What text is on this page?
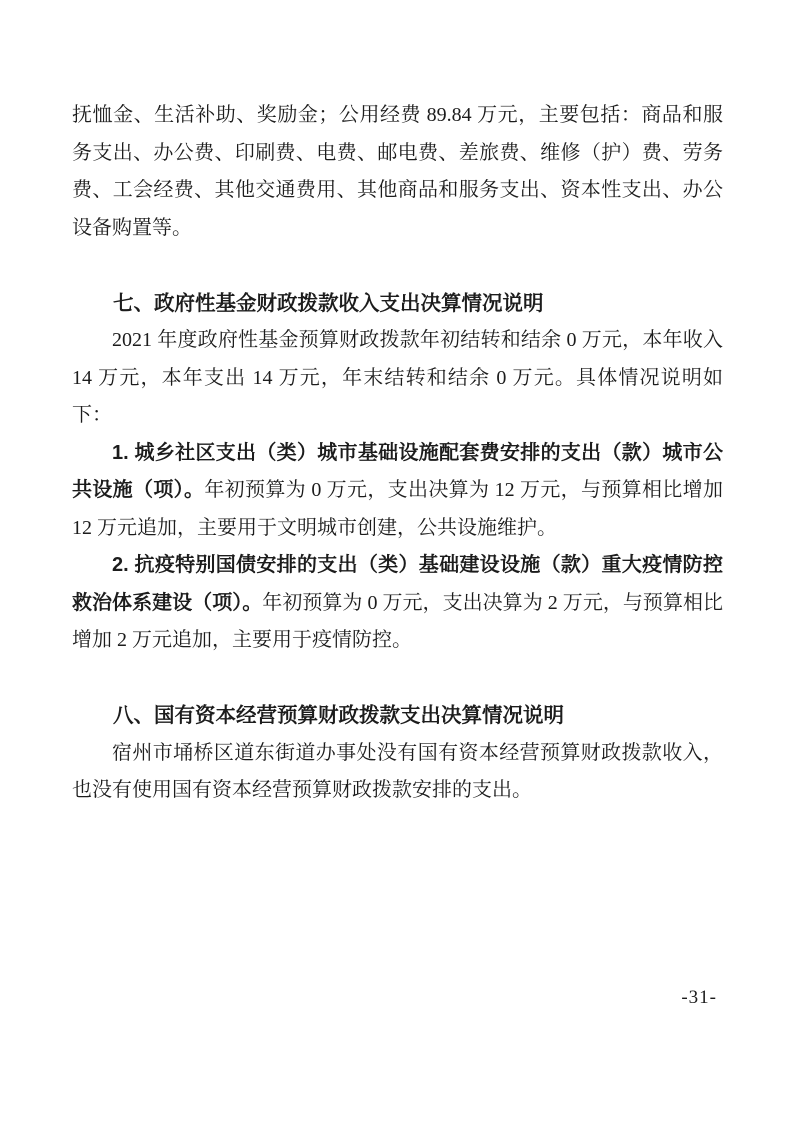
抚恤金、生活补助、奖励金；公用经费 89.84 万元，主要包括：商品和服务支出、办公费、印刷费、电费、邮电费、差旅费、维修（护）费、劳务费、工会经费、其他交通费用、其他商品和服务支出、资本性支出、办公设备购置等。

七、政府性基金财政拨款收入支出决算情况说明

2021 年度政府性基金预算财政拨款年初结转和结余 0 万元，本年收入 14 万元，本年支出 14 万元，年末结转和结余 0 万元。具体情况说明如下：

1. 城乡社区支出（类）城市基础设施配套费安排的支出（款）城市公共设施（项）。年初预算为 0 万元，支出决算为 12 万元，与预算相比增加 12 万元追加，主要用于文明城市创建，公共设施维护。

2. 抗疫特别国债安排的支出（类）基础建设设施（款）重大疫情防控救治体系建设（项）。年初预算为 0 万元，支出决算为 2 万元，与预算相比增加 2 万元追加，主要用于疫情防控。

八、国有资本经营预算财政拨款支出决算情况说明

宿州市埇桥区道东街道办事处没有国有资本经营预算财政拨款收入，也没有使用国有资本经营预算财政拨款安排的支出。

-31-
